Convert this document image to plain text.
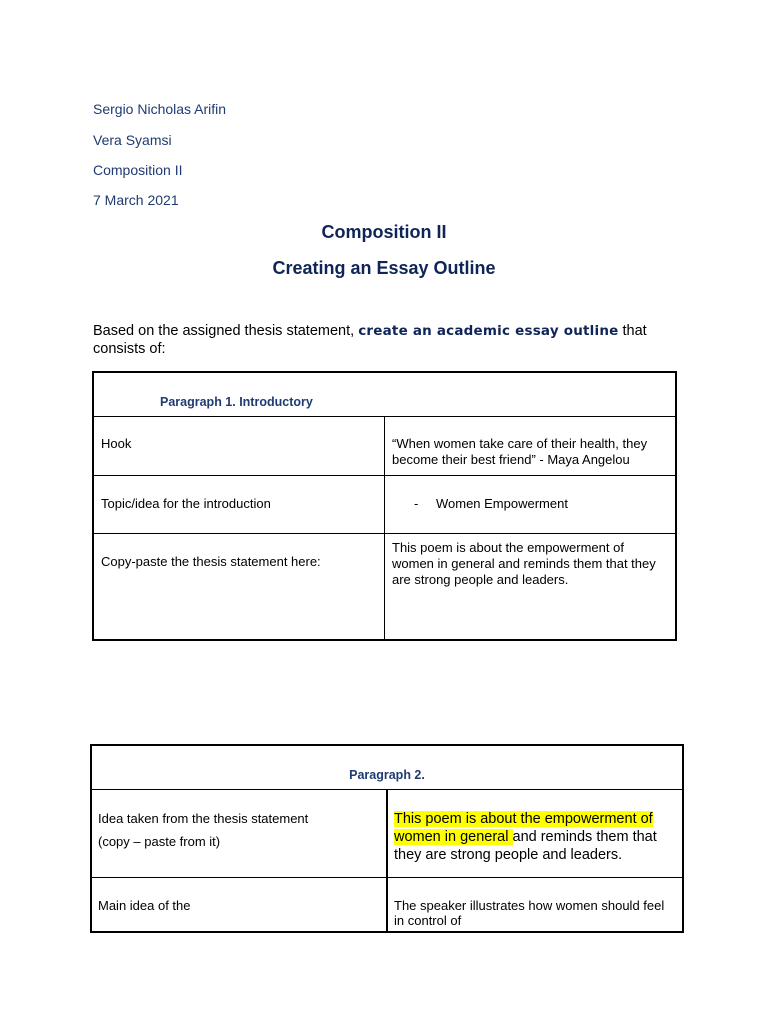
Sergio Nicholas Arifin
Vera Syamsi
Composition II
7 March 2021
Composition II
Creating an Essay Outline
Based on the assigned thesis statement, create an academic essay outline that consists of:
Paragraph 1. Introductory	

Hook	“When women take care of their health, they become their best friend” - Maya Angelou

Topic/idea for the introduction	- Women Empowerment

Copy-paste the thesis statement here:	This poem is about the empowerment of women in general and reminds them that they are strong people and leaders.
Paragraph 2.	

Idea taken from the thesis statement
(copy – paste from it)	This poem is about the empowerment of women in general and reminds them that they are strong people and leaders.

Main idea of the	The speaker illustrates how women should feel in control of
